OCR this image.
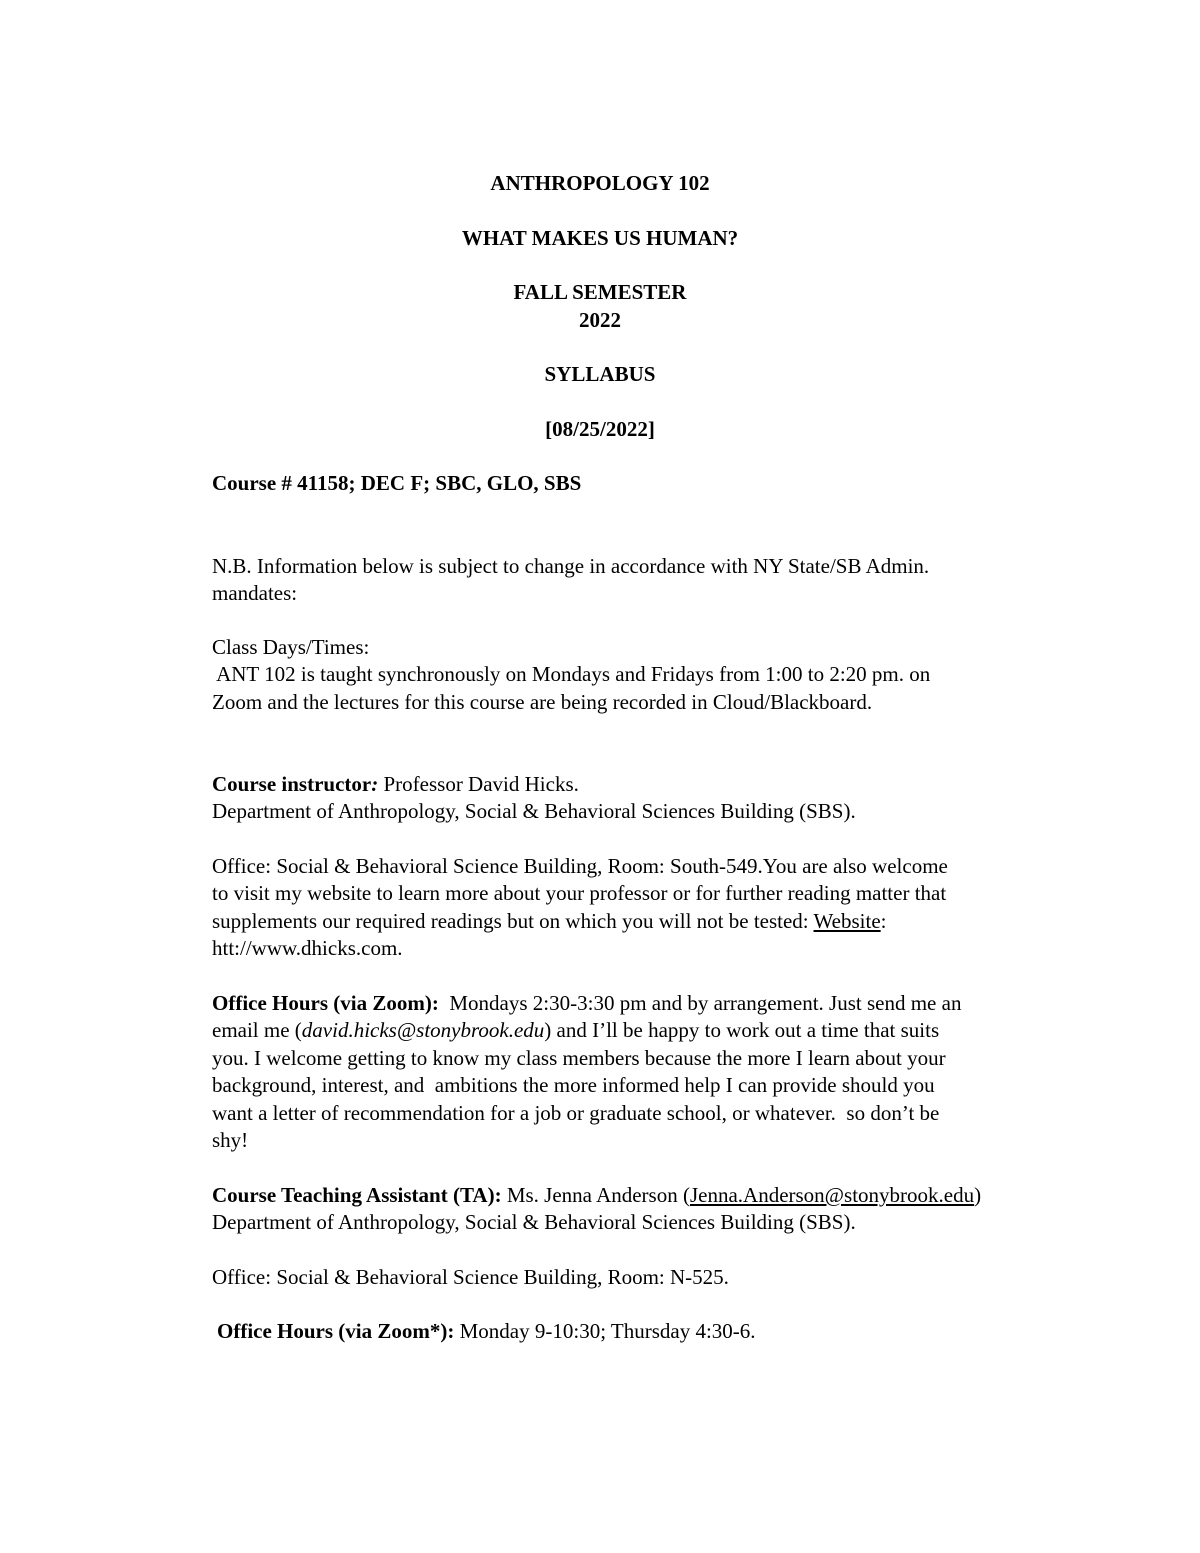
ANTHROPOLOGY 102
WHAT MAKES US HUMAN?
FALL SEMESTER
2022
SYLLABUS
[08/25/2022]
Course # 41158; DEC F; SBC, GLO, SBS
N.B. Information below is subject to change in accordance with NY State/SB Admin.
mandates:
Class Days/Times:
ANT 102 is taught synchronously on Mondays and Fridays from 1:00 to 2:20 pm. on
Zoom and the lectures for this course are being recorded in Cloud/Blackboard.
Course instructor: Professor David Hicks.
Department of Anthropology, Social & Behavioral Sciences Building (SBS).
Office: Social & Behavioral Science Building, Room: South-549.You are also welcome
to visit my website to learn more about your professor or for further reading matter that
supplements our required readings but on which you will not be tested: Website:
htt://www.dhicks.com.
Office Hours (via Zoom):  Mondays 2:30-3:30 pm and by arrangement. Just send me an
email me (david.hicks@stonybrook.edu) and I’ll be happy to work out a time that suits
you. I welcome getting to know my class members because the more I learn about your
background, interest, and  ambitions the more informed help I can provide should you
want a letter of recommendation for a job or graduate school, or whatever.  so don’t be
shy!
Course Teaching Assistant (TA): Ms. Jenna Anderson (Jenna.Anderson@stonybrook.edu)
Department of Anthropology, Social & Behavioral Sciences Building (SBS).
Office: Social & Behavioral Science Building, Room: N-525.
Office Hours (via Zoom*): Monday 9-10:30; Thursday 4:30-6.
